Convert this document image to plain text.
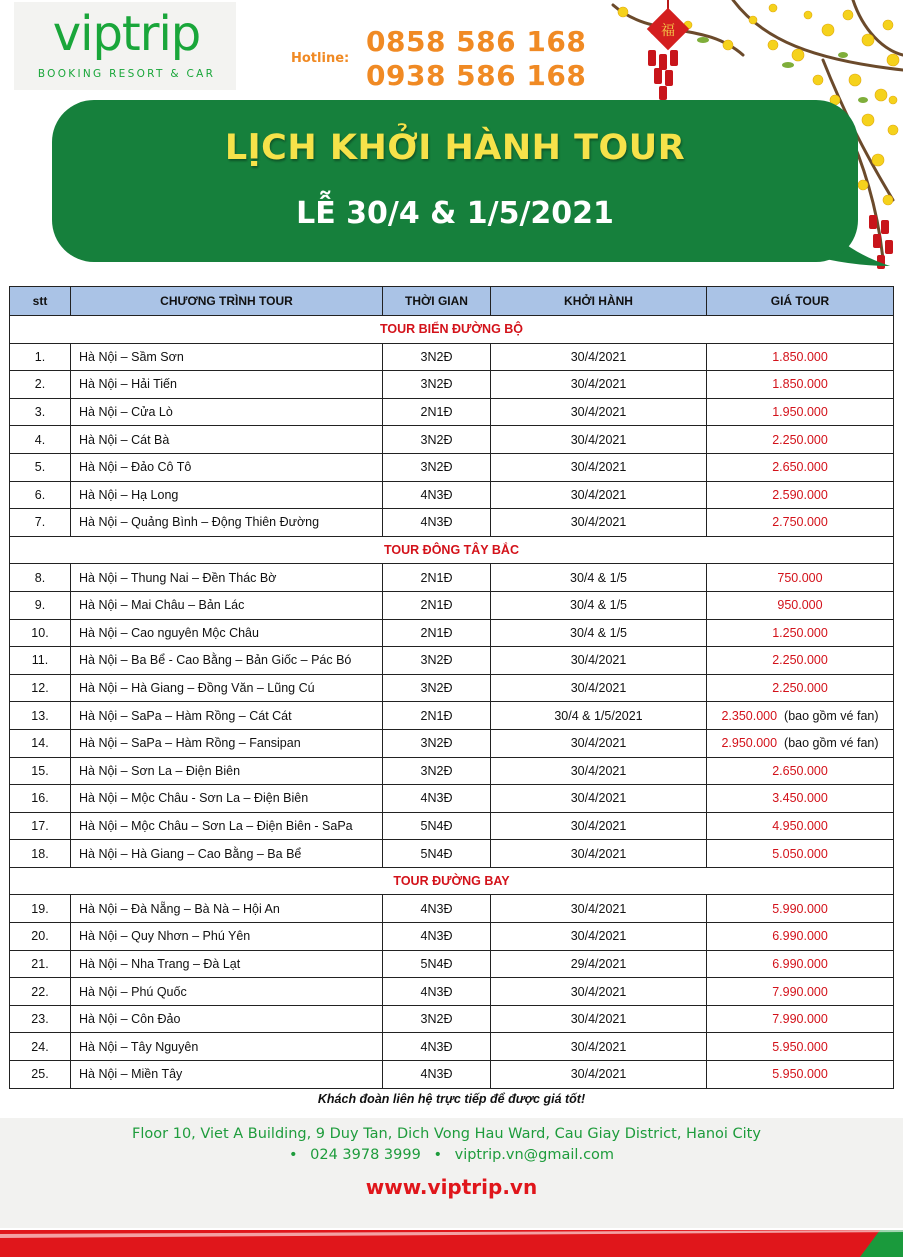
viptrip
BOOKING RESORT & CAR
Hotline:
0858 586 168
0938 586 168
福
LỊCH KHỞI HÀNH TOUR
LỄ 30/4 & 1/5/2021
stt	CHƯƠNG TRÌNH TOUR	THỜI GIAN	KHỞI HÀNH	GIÁ TOUR
TOUR BIỂN ĐƯỜNG BỘ				
1.	Hà Nội – Sầm Sơn	3N2Đ	30/4/2021	1.850.000
2.	Hà Nội – Hải Tiến	3N2Đ	30/4/2021	1.850.000
3.	Hà Nội – Cửa Lò	2N1Đ	30/4/2021	1.950.000
4.	Hà Nội – Cát Bà	3N2Đ	30/4/2021	2.250.000
5.	Hà Nội – Đảo Cô Tô	3N2Đ	30/4/2021	2.650.000
6.	Hà Nội – Hạ Long	4N3Đ	30/4/2021	2.590.000
7.	Hà Nội – Quảng Bình – Động Thiên Đường	4N3Đ	30/4/2021	2.750.000
TOUR ĐÔNG TÂY BẮC				
8.	Hà Nội – Thung Nai – Đền Thác Bờ	2N1Đ	30/4 & 1/5	750.000
9.	Hà Nội – Mai Châu – Bản Lác	2N1Đ	30/4 & 1/5	950.000
10.	Hà Nội – Cao nguyên Mộc Châu	2N1Đ	30/4 & 1/5	1.250.000
11.	Hà Nội – Ba Bể - Cao Bằng – Bản Giốc – Pác Bó	3N2Đ	30/4/2021	2.250.000
12.	Hà Nội – Hà Giang – Đồng Văn – Lũng Cú	3N2Đ	30/4/2021	2.250.000
13.	Hà Nội – SaPa – Hàm Rồng – Cát Cát	2N1Đ	30/4 & 1/5/2021	2.350.000 (bao gồm vé fan)
14.	Hà Nội – SaPa – Hàm Rồng – Fansipan	3N2Đ	30/4/2021	2.950.000 (bao gồm vé fan)
15.	Hà Nội – Sơn La – Điện Biên	3N2Đ	30/4/2021	2.650.000
16.	Hà Nội – Mộc Châu - Sơn La – Điện Biên	4N3Đ	30/4/2021	3.450.000
17.	Hà Nội – Mộc Châu – Sơn La – Điện Biên - SaPa	5N4Đ	30/4/2021	4.950.000
18.	Hà Nội – Hà Giang – Cao Bằng – Ba Bể	5N4Đ	30/4/2021	5.050.000
TOUR ĐƯỜNG BAY				
19.	Hà Nội – Đà Nẵng – Bà Nà – Hội An	4N3Đ	30/4/2021	5.990.000
20.	Hà Nội – Quy Nhơn – Phú Yên	4N3Đ	30/4/2021	6.990.000
21.	Hà Nội – Nha Trang – Đà Lạt	5N4Đ	29/4/2021	6.990.000
22.	Hà Nội – Phú Quốc	4N3Đ	30/4/2021	7.990.000
23.	Hà Nội – Côn Đảo	3N2Đ	30/4/2021	7.990.000
24.	Hà Nội – Tây Nguyên	4N3Đ	30/4/2021	5.950.000
25.	Hà Nội – Miền Tây	4N3Đ	30/4/2021	5.950.000
Khách đoàn liên hệ trực tiếp để được giá tốt!
Floor 10, Viet A Building, 9 Duy Tan, Dich Vong Hau Ward, Cau Giay District, Hanoi City
• 024 3978 3999 • viptrip.vn@gmail.com
www.viptrip.vn
